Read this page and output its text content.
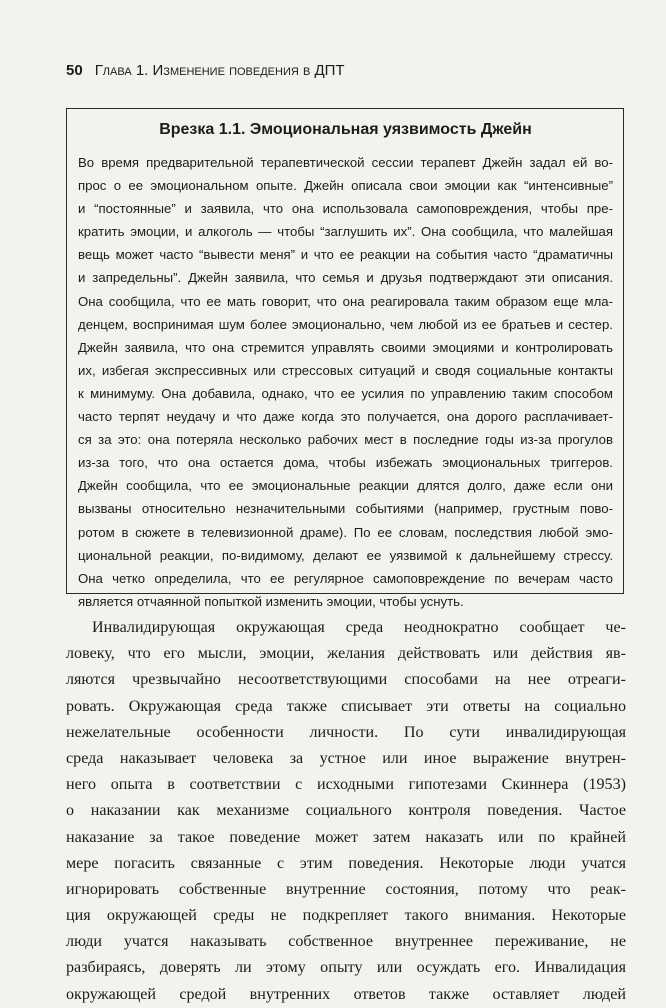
50 Глава 1. Изменение поведения в ДПТ
Врезка 1.1. Эмоциональная уязвимость Джейн
Во время предварительной терапевтической сессии терапевт Джейн задал ей во-
прос о ее эмоциональном опыте. Джейн описала свои эмоции как “интенсивные”
и “постоянные” и заявила, что она использовала самоповреждения, чтобы пре-
кратить эмоции, и алкоголь — чтобы “заглушить их”. Она сообщила, что малейшая
вещь может часто “вывести меня” и что ее реакции на события часто “драматичны
и запредельны”. Джейн заявила, что семья и друзья подтверждают эти описания.
Она сообщила, что ее мать говорит, что она реагировала таким образом еще мла-
денцем, воспринимая шум более эмоционально, чем любой из ее братьев и сестер.
Джейн заявила, что она стремится управлять своими эмоциями и контролировать
их, избегая экспрессивных или стрессовых ситуаций и сводя социальные контакты
к минимуму. Она добавила, однако, что ее усилия по управлению таким способом
часто терпят неудачу и что даже когда это получается, она дорого расплачивает-
ся за это: она потеряла несколько рабочих мест в последние годы из-за прогулов
из-за того, что она остается дома, чтобы избежать эмоциональных триггеров.
Джейн сообщила, что ее эмоциональные реакции длятся долго, даже если они
вызваны относительно незначительными событиями (например, грустным пово-
ротом в сюжете в телевизионной драме). По ее словам, последствия любой эмо-
циональной реакции, по-видимому, делают ее уязвимой к дальнейшему стрессу.
Она четко определила, что ее регулярное самоповреждение по вечерам часто
является отчаянной попыткой изменить эмоции, чтобы уснуть.
Инвалидирующая окружающая среда неоднократно сообщает че-
ловеку, что его мысли, эмоции, желания действовать или действия яв-
ляются чрезвычайно несоответствующими способами на нее отреаги-
ровать. Окружающая среда также списывает эти ответы на социально
нежелательные особенности личности. По сути инвалидирующая
среда наказывает человека за устное или иное выражение внутрен-
него опыта в соответствии с исходными гипотезами Скиннера (1953)
о наказании как механизме социального контроля поведения. Частое
наказание за такое поведение может затем наказать или по крайней
мере погасить связанные с этим поведения. Некоторые люди учатся
игнорировать собственные внутренние состояния, потому что реак-
ция окружающей среды не подкрепляет такого внимания. Некоторые
люди учатся наказывать собственное внутреннее переживание, не
разбираясь, доверять ли этому опыту или осуждать его. Инвалидация
окружающей средой внутренних ответов также оставляет людей
